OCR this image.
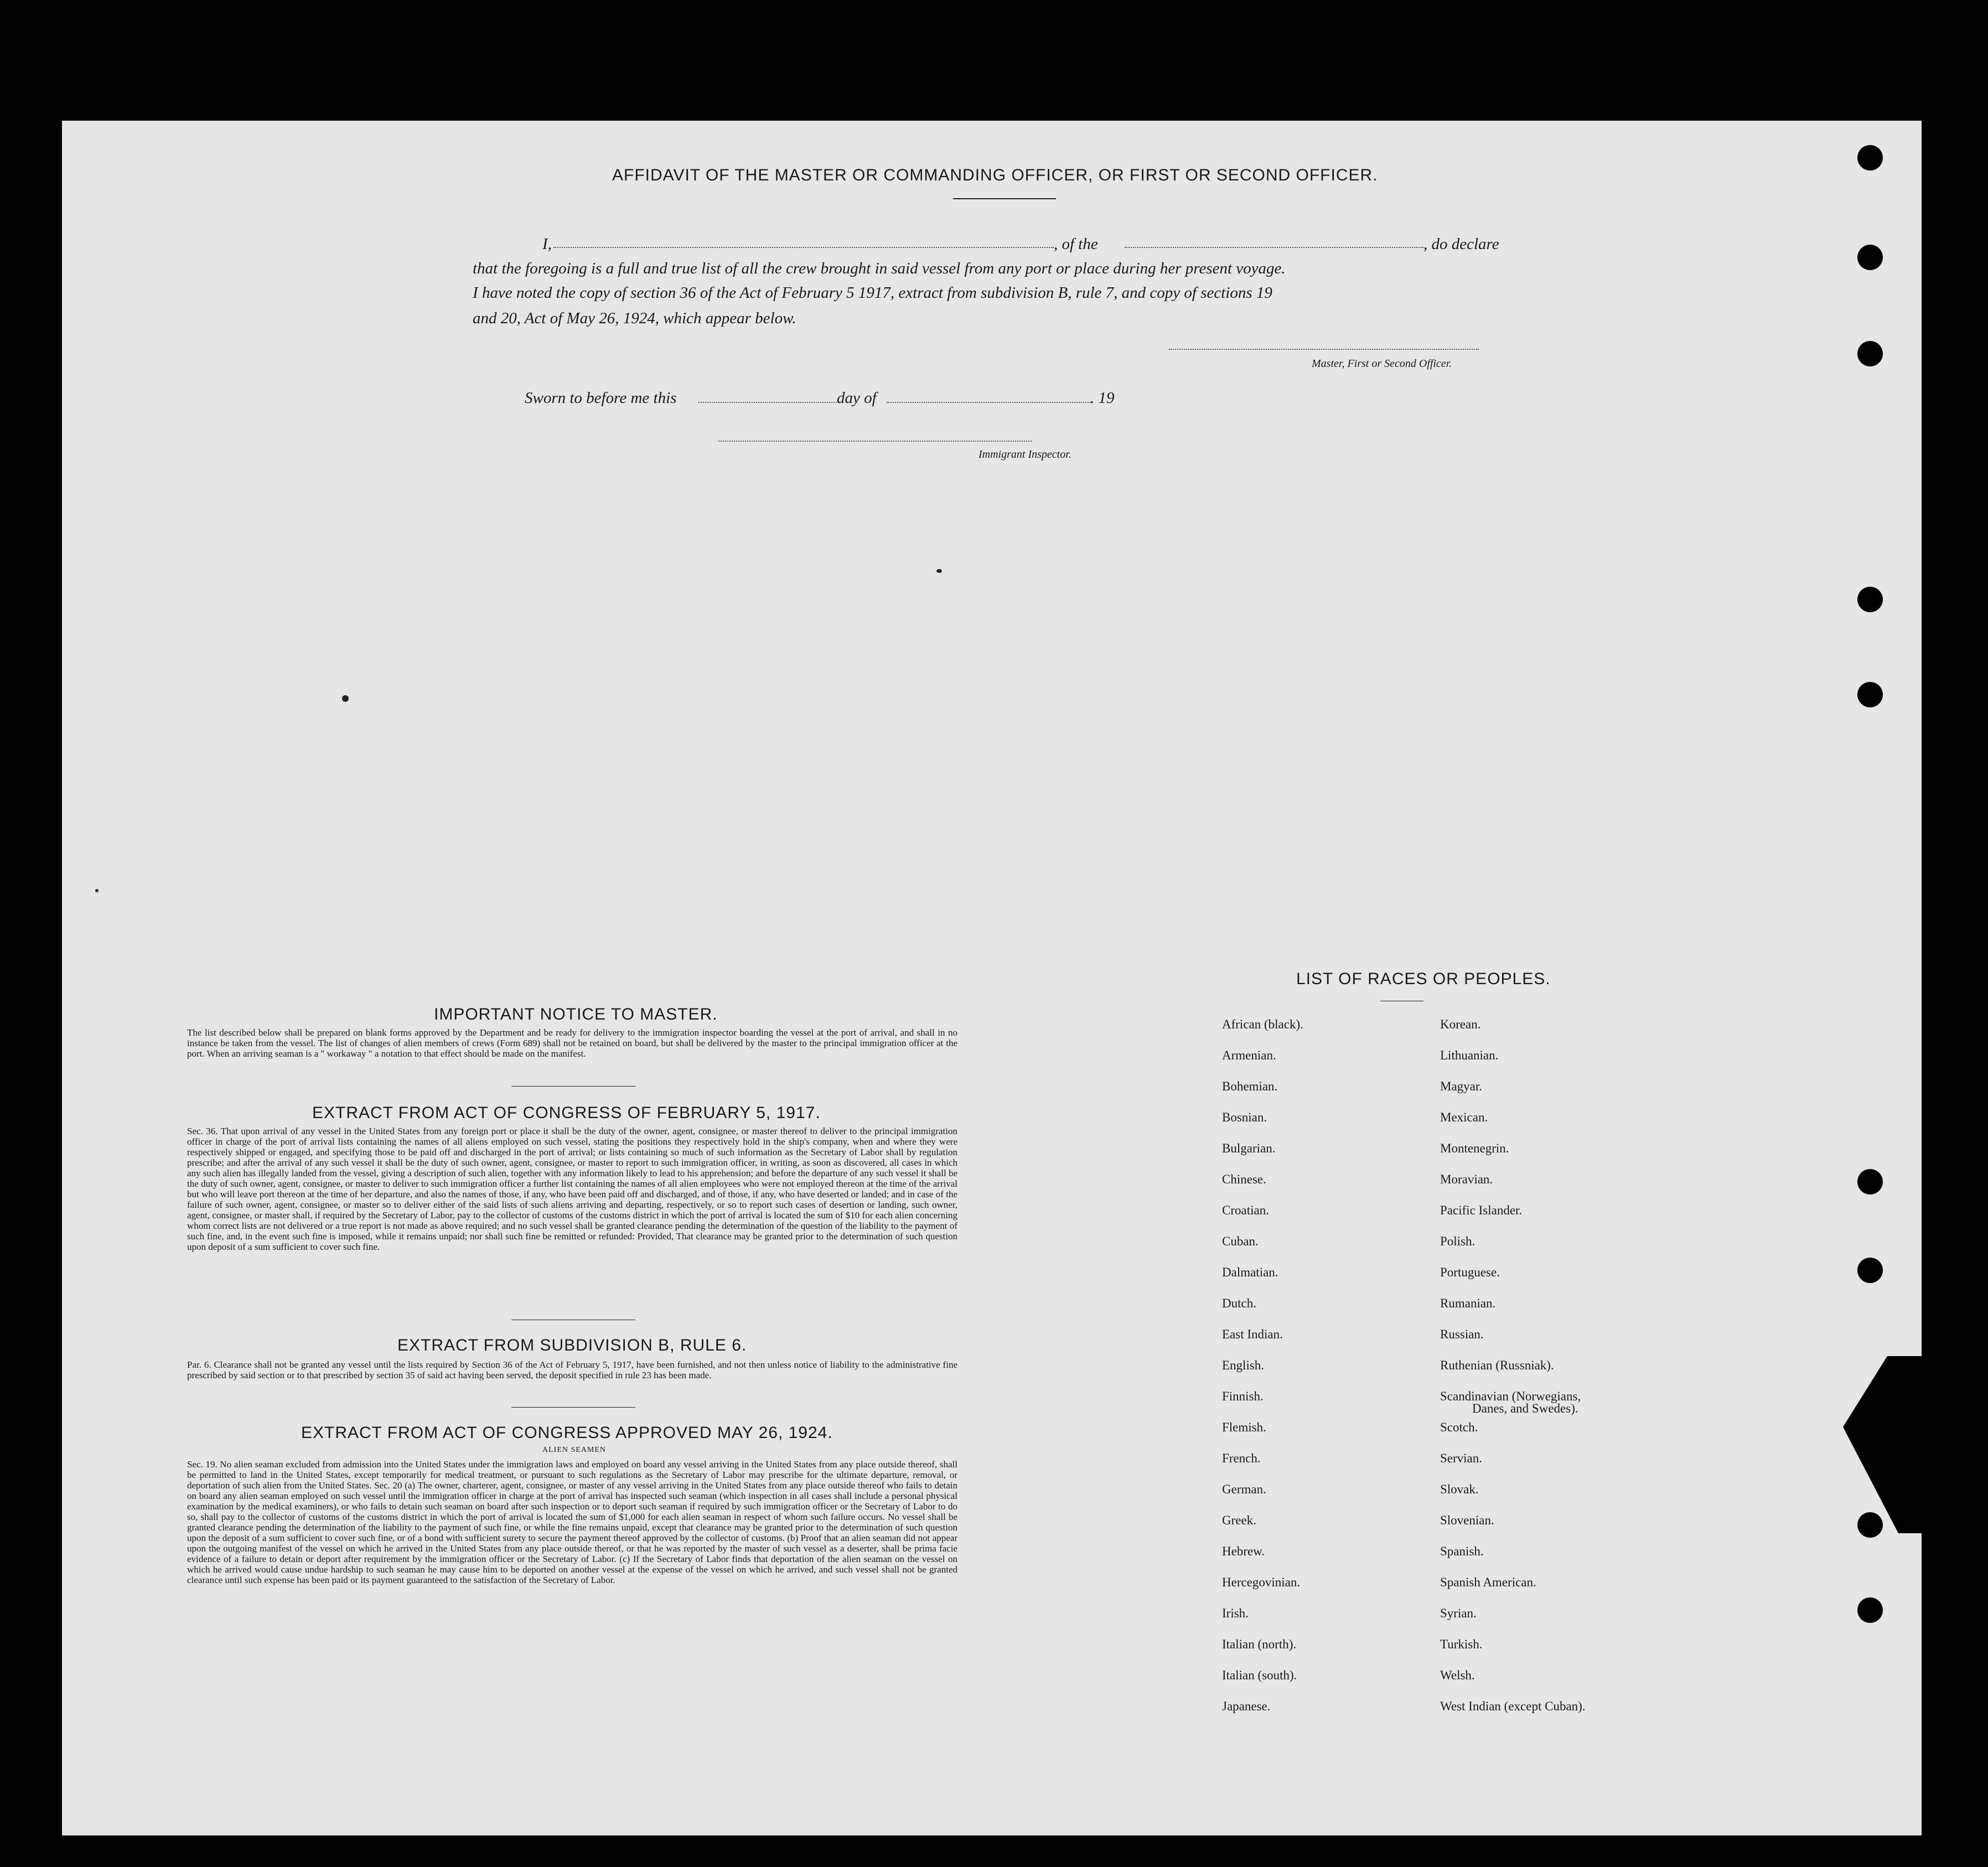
AFFIDAVIT OF THE MASTER OR COMMANDING OFFICER, OR FIRST OR SECOND OFFICER.
I,	, of the	, do declare
that the foregoing is a full and true list of all the crew brought in said vessel from any port or place during her present voyage.
I have noted the copy of section 36 of the Act of February 5 1917, extract from subdivision B, rule 7, and copy of sections 19
and 20, Act of May 26, 1924, which appear below.
Master, First or Second Officer.
Sworn to before me this	day of	. 19
Immigrant Inspector.
IMPORTANT NOTICE TO MASTER.
The list described below shall be prepared on blank forms approved by the Department and be ready for delivery to the immigration inspector boarding the vessel at the port of arrival, and shall in no instance be taken from the vessel. The list of changes of alien members of crews (Form 689) shall not be retained on board, but shall be delivered by the master to the principal immigration officer at the port. When an arriving seaman is a " workaway " a notation to that effect should be made on the manifest.
EXTRACT FROM ACT OF CONGRESS OF FEBRUARY 5, 1917.
Sec. 36. That upon arrival of any vessel in the United States from any foreign port or place it shall be the duty of the owner, agent, consignee, or master thereof to deliver to the principal immigration officer in charge of the port of arrival lists containing the names of all aliens employed on such vessel, stating the positions they respectively hold in the ship's company, when and where they were respectively shipped or engaged, and specifying those to be paid off and discharged in the port of arrival; or lists containing so much of such information as the Secretary of Labor shall by regulation prescribe; and after the arrival of any such vessel it shall be the duty of such owner, agent, consignee, or master to report to such immigration officer, in writing, as soon as discovered, all cases in which any such alien has illegally landed from the vessel, giving a description of such alien, together with any information likely to lead to his apprehension; and before the departure of any such vessel it shall be the duty of such owner, agent, consignee, or master to deliver to such immigration officer a further list containing the names of all alien employees who were not employed thereon at the time of the arrival but who will leave port thereon at the time of her departure, and also the names of those, if any, who have been paid off and discharged, and of those, if any, who have deserted or landed; and in case of the failure of such owner, agent, consignee, or master so to deliver either of the said lists of such aliens arriving and departing, respectively, or so to report such cases of desertion or landing, such owner, agent, consignee, or master shall, if required by the Secretary of Labor, pay to the collector of customs of the customs district in which the port of arrival is located the sum of $10 for each alien concerning whom correct lists are not delivered or a true report is not made as above required; and no such vessel shall be granted clearance pending the determination of the question of the liability to the payment of such fine, and, in the event such fine is imposed, while it remains unpaid; nor shall such fine be remitted or refunded: Provided, That clearance may be granted prior to the determination of such question upon deposit of a sum sufficient to cover such fine.
EXTRACT FROM SUBDIVISION B, RULE 6.
Par. 6. Clearance shall not be granted any vessel until the lists required by Section 36 of the Act of February 5, 1917, have been furnished, and not then unless notice of liability to the administrative fine prescribed by said section or to that prescribed by section 35 of said act having been served, the deposit specified in rule 23 has been made.
EXTRACT FROM ACT OF CONGRESS APPROVED MAY 26, 1924.
ALIEN SEAMEN
Sec. 19. No alien seaman excluded from admission into the United States under the immigration laws and employed on board any vessel arriving in the United States from any place outside thereof, shall be permitted to land in the United States, except temporarily for medical treatment, or pursuant to such regulations as the Secretary of Labor may prescribe for the ultimate departure, removal, or deportation of such alien from the United States. Sec. 20 (a) The owner, charterer, agent, consignee, or master of any vessel arriving in the United States from any place outside thereof who fails to detain on board any alien seaman employed on such vessel until the immigration officer in charge at the port of arrival has inspected such seaman (which inspection in all cases shall include a personal physical examination by the medical examiners), or who fails to detain such seaman on board after such inspection or to deport such seaman if required by such immigration officer or the Secretary of Labor to do so, shall pay to the collector of customs of the customs district in which the port of arrival is located the sum of $1,000 for each alien seaman in respect of whom such failure occurs. No vessel shall be granted clearance pending the determination of the liability to the payment of such fine, or while the fine remains unpaid, except that clearance may be granted prior to the determination of such question upon the deposit of a sum sufficient to cover such fine, or of a bond with sufficient surety to secure the payment thereof approved by the collector of customs. (b) Proof that an alien seaman did not appear upon the outgoing manifest of the vessel on which he arrived in the United States from any place outside thereof, or that he was reported by the master of such vessel as a deserter, shall be prima facie evidence of a failure to detain or deport after requirement by the immigration officer or the Secretary of Labor. (c) If the Secretary of Labor finds that deportation of the alien seaman on the vessel on which he arrived would cause undue hardship to such seaman he may cause him to be deported on another vessel at the expense of the vessel on which he arrived, and such vessel shall not be granted clearance until such expense has been paid or its payment guaranteed to the satisfaction of the Secretary of Labor.
LIST OF RACES OR PEOPLES.
African (black).
Armenian.
Bohemian.
Bosnian.
Bulgarian.
Chinese.
Croatian.
Cuban.
Dalmatian.
Dutch.
East Indian.
English.
Finnish.
Flemish.
French.
German.
Greek.
Hebrew.
Hercegovinian.
Irish.
Italian (north).
Italian (south).
Japanese.
Korean.
Lithuanian.
Magyar.
Mexican.
Montenegrin.
Moravian.
Pacific Islander.
Polish.
Portuguese.
Rumanian.
Russian.
Ruthenian (Russniak).
Scandinavian (Norwegians,
Danes, and Swedes).
Scotch.
Servian.
Slovak.
Slovenian.
Spanish.
Spanish American.
Syrian.
Turkish.
Welsh.
West Indian (except Cuban).
